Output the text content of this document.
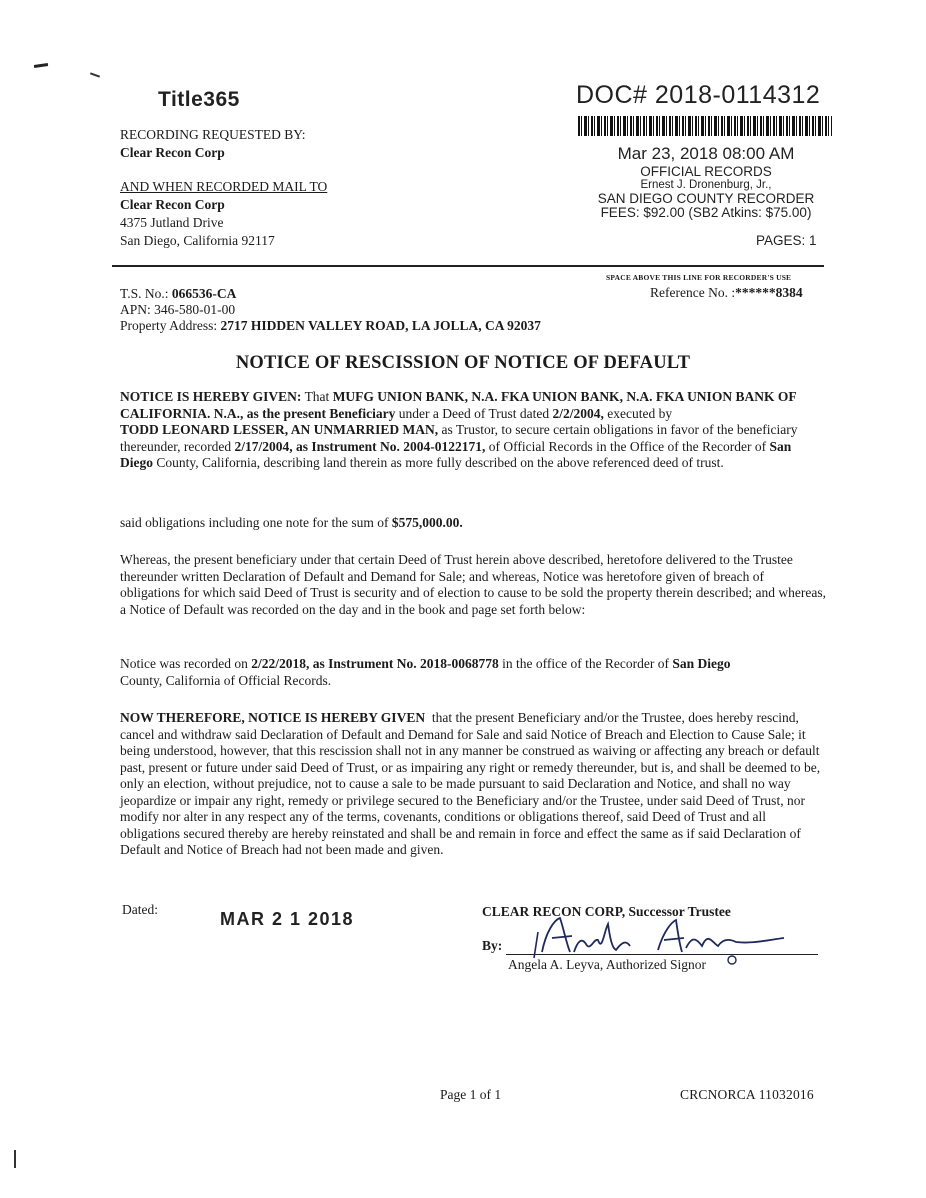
Title365
RECORDING REQUESTED BY:
Clear Recon Corp
AND WHEN RECORDED MAIL TO
Clear Recon Corp
4375 Jutland Drive
San Diego, California 92117
DOC# 2018-0114312
Mar 23, 2018 08:00 AM
OFFICIAL RECORDS
Ernest J. Dronenburg, Jr.,
SAN DIEGO COUNTY RECORDER
FEES: $92.00 (SB2 Atkins: $75.00)
PAGES: 1
SPACE ABOVE THIS LINE FOR RECORDER'S USE
Reference No. :******8384
T.S. No.: 066536-CA
APN: 346-580-01-00
Property Address: 2717 HIDDEN VALLEY ROAD, LA JOLLA, CA 92037
NOTICE OF RESCISSION OF NOTICE OF DEFAULT
NOTICE IS HEREBY GIVEN: That MUFG UNION BANK, N.A. FKA UNION BANK, N.A. FKA UNION BANK OF CALIFORNIA. N.A., as the present Beneficiary under a Deed of Trust dated 2/2/2004, executed by
TODD LEONARD LESSER, AN UNMARRIED MAN, as Trustor, to secure certain obligations in favor of the beneficiary thereunder, recorded 2/17/2004, as Instrument No. 2004-0122171, of Official Records in the Office of the Recorder of San Diego County, California, describing land therein as more fully described on the above referenced deed of trust.
said obligations including one note for the sum of $575,000.00.
Whereas, the present beneficiary under that certain Deed of Trust herein above described, heretofore delivered to the Trustee thereunder written Declaration of Default and Demand for Sale; and whereas, Notice was heretofore given of breach of obligations for which said Deed of Trust is security and of election to cause to be sold the property therein described; and whereas, a Notice of Default was recorded on the day and in the book and page set forth below:
Notice was recorded on 2/22/2018, as Instrument No. 2018-0068778 in the office of the Recorder of San Diego
County, California of Official Records.
NOW THEREFORE, NOTICE IS HEREBY GIVEN that the present Beneficiary and/or the Trustee, does hereby rescind, cancel and withdraw said Declaration of Default and Demand for Sale and said Notice of Breach and Election to Cause Sale; it being understood, however, that this rescission shall not in any manner be construed as waiving or affecting any breach or default past, present or future under said Deed of Trust, or as impairing any right or remedy thereunder, but is, and shall be deemed to be, only an election, without prejudice, not to cause a sale to be made pursuant to said Declaration and Notice, and shall no way jeopardize or impair any right, remedy or privilege secured to the Beneficiary and/or the Trustee, under said Deed of Trust, nor modify nor alter in any respect any of the terms, covenants, conditions or obligations thereof, said Deed of Trust and all obligations secured thereby are hereby reinstated and shall be and remain in force and effect the same as if said Declaration of Default and Notice of Breach had not been made and given.
Dated:	MAR 2 1 2018	CLEAR RECON CORP, Successor Trustee
By:
Angela A. Leyva, Authorized Signor
Page 1 of 1	CRCNORCA 11032016
